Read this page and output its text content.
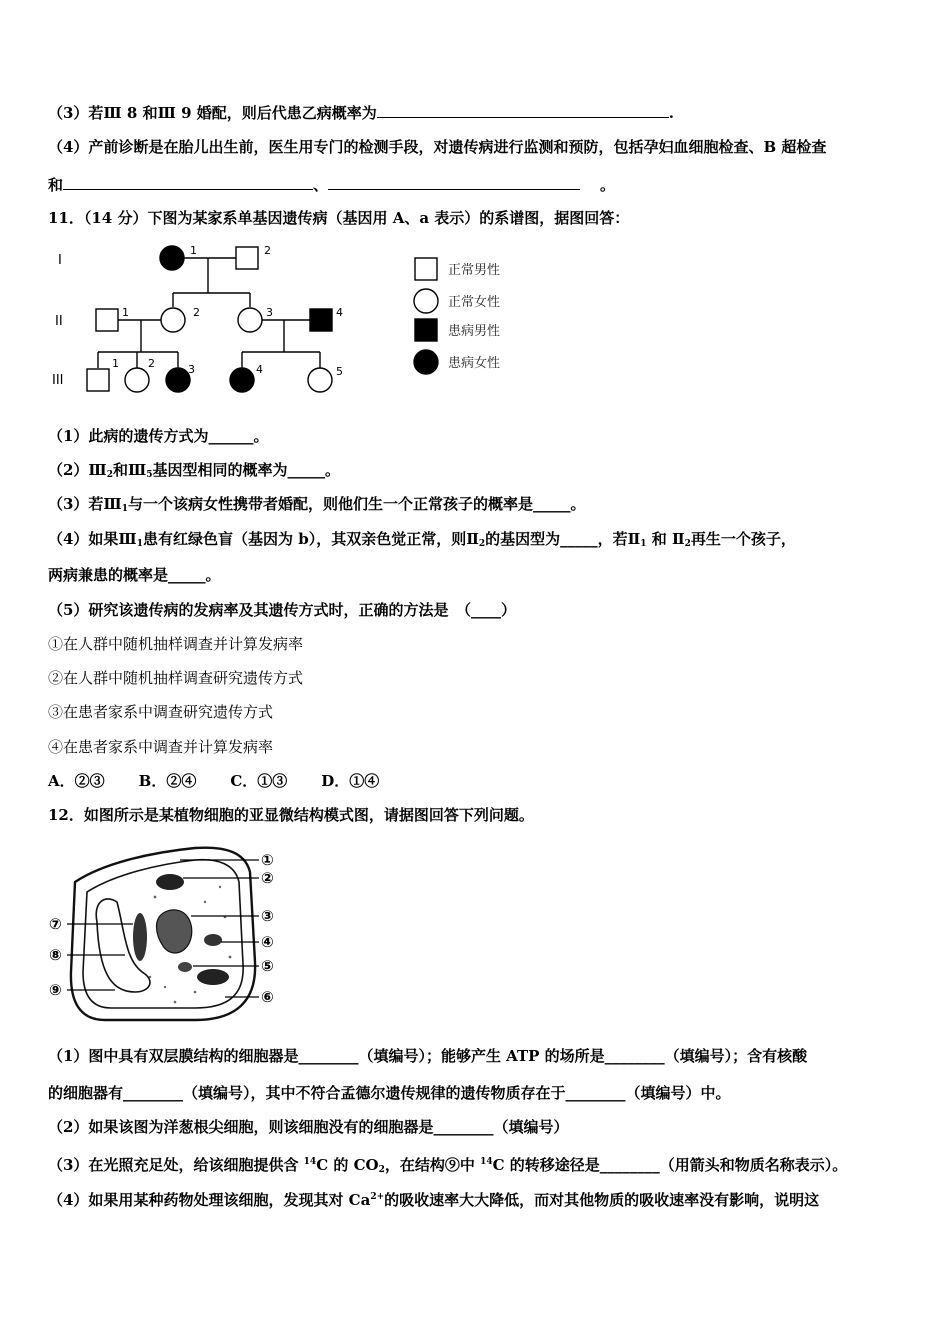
（3）若Ⅲ 8 和Ⅲ 9 婚配，则后代患乙病概率为	.
（4）产前诊断是在胎儿出生前，医生用专门的检测手段，对遗传病进行监测和预防，包括孕妇血细胞检查、B 超检查
和	、	。
11．（14 分）下图为某家系单基因遗传病（基因用 A、a 表示）的系谱图，据图回答：
I
II
III
1	2
1	2	3	4
1	2	3	4	5
正常男性
正常女性
患病男性
患病女性
（1）此病的遗传方式为______。
$(2)Ⅲ_2$和$Ⅲ_5$基因型相同的概率为_____。
（3）若$Ⅲ_1$与一个该病女性携带者婚配，则他们生一个正常孩子的概率是_____。
（4）如果$Ⅲ_1$患有红绿色盲（基因为 b），其双亲色觉正常，则$Ⅱ_2$的基因型为_____，若$Ⅱ_1$ 和 $Ⅱ_2$再生一个孩子，
两病兼患的概率是_____。
（5）研究该遗传病的发病率及其遗传方式时，正确的方法是　（____）
①在人群中随机抽样调查并计算发病率
②在人群中随机抽样调查研究遗传方式
③在患者家系中调查研究遗传方式
④在患者家系中调查并计算发病率
A．②③ B．②④ C．①③ D．①④
12．如图所示是某植物细胞的亚显微结构模式图，请据图回答下列问题。
①
②
③
④
⑤
⑥
⑦
⑧
⑨
（1）图中具有双层膜结构的细胞器是________（填编号）；能够产生 ATP 的场所是________（填编号）；含有核酸
的细胞器有________（填编号），其中不符合孟德尔遗传规律的遗传物质存在于________（填编号）中。
（2）如果该图为洋葱根尖细胞，则该细胞没有的细胞器是________（填编号）
（3）在光照充足处，给该细胞提供含 $^{14}$C 的 $CO_2$，在结构⑨中 $^{14}$C 的转移途径是________（用箭头和物质名称表示）。
（4）如果用某种药物处理该细胞，发现其对 $Ca^{2+}$的吸收速率大大降低，而对其他物质的吸收速率没有影响，说明这
